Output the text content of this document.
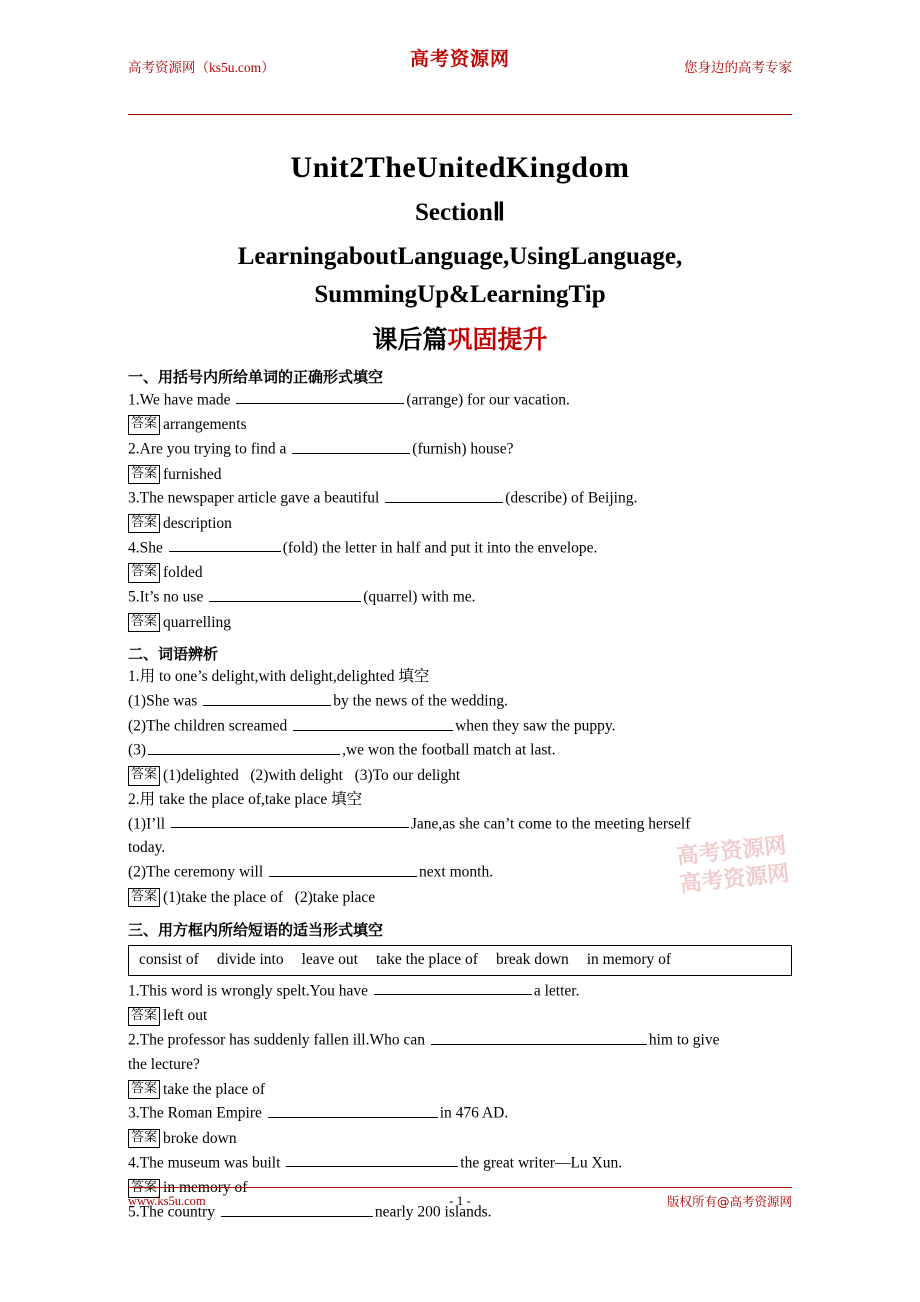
高考资源网
高考资源网（ks5u.com）	您身边的高考专家
Unit2TheUnitedKingdom
SectionⅡ
LearningaboutLanguage,UsingLanguage,
SummingUp&LearningTip
课后篇巩固提升
一、用括号内所给单词的正确形式填空
1.We have made	(arrange) for our vacation.
答案 arrangements
2.Are you trying to find a	(furnish) house?
答案 furnished
3.The newspaper article gave a beautiful	(describe) of Beijing.
答案 description
4.She	(fold) the letter in half and put it into the envelope.
答案 folded
5.It’s no use	(quarrel) with me.
答案 quarrelling
二、词语辨析
1.用 to one’s delight,with delight,delighted 填空
(1)She was	by the news of the wedding.
(2)The children screamed	when they saw the puppy.
(3)	,we won the football match at last.
答案 (1)delighted   (2)with delight   (3)To our delight
2.用 take the place of,take place 填空
(1)I’ll	Jane,as she can’t come to the meeting herself
today.
(2)The ceremony will	next month.
答案 (1)take the place of   (2)take place
三、用方框内所给短语的适当形式填空
consist of divide into leave out take the place of break down in memory of
1.This word is wrongly spelt.You have	a letter.
答案 left out
2.The professor has suddenly fallen ill.Who can	him to give
the lecture?
答案 take the place of
3.The Roman Empire	in 476 AD.
答案 broke down
4.The museum was built	the great writer—Lu Xun.
答案 in memory of
5.The country	nearly 200 islands.
高考资源网
高考资源网
www.ks5u.com	- 1 -	版权所有@高考资源网
